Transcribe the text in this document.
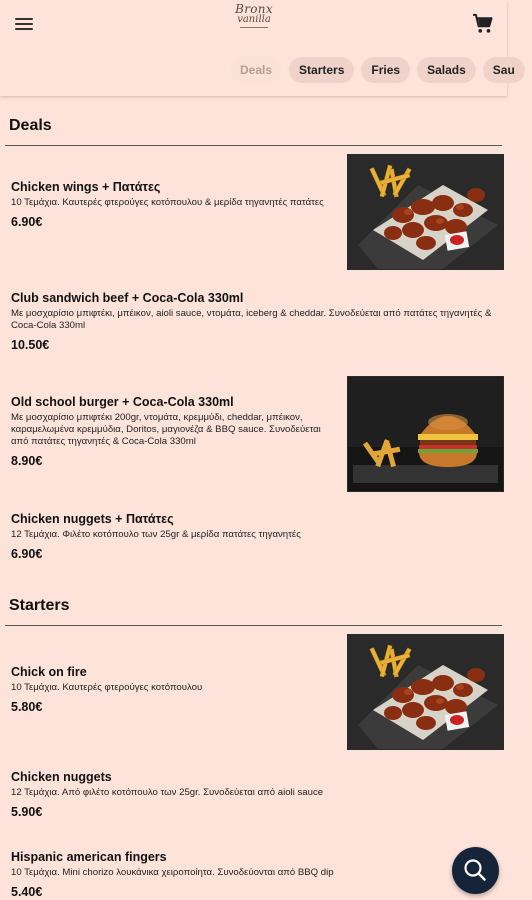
Bronx
vanilla
Deals Starters Fries Salads Sau
Deals
Chicken wings + Πατάτες
10 Τεμάχια. Καυτερές φτερούγες κοτόπουλου & μερίδα τηγανητές πατάτες
6.90€
Club sandwich beef + Coca-Cola 330ml
Με μοσχαρίσιο μπιφτέκι, μπέικον, aioli sauce, ντομάτα, iceberg & cheddar. Συνοδεύεται από πατάτες τηγανητές & Coca-Cola 330ml
10.50€
Old school burger + Coca-Cola 330ml
Με μοσχαρίσιο μπιφτέκι 200gr, ντομάτα, κρεμμύδι, cheddar, μπέικον, καραμελωμένα κρεμμύδια, Doritos, μαγιονέζα & BBQ sauce. Συνοδεύεται από πατάτες τηγανητές & Coca-Cola 330ml
8.90€
Chicken nuggets + Πατάτες
12 Τεμάχια. Φιλέτο κοτόπουλο των 25gr & μερίδα πατάτες τηγανητές
6.90€
Starters
Chick on fire
10 Τεμάχια. Καυτερές φτερούγες κοτόπουλου
5.80€
Chicken nuggets
12 Τεμάχια. Από φιλέτο κοτόπουλο των 25gr. Συνοδεύεται από aioli sauce
5.90€
Hispanic american fingers
10 Τεμάχια. Mini chorizo λουκάνικα χειροποίητα. Συνοδεύονται από BBQ dip
5.40€
